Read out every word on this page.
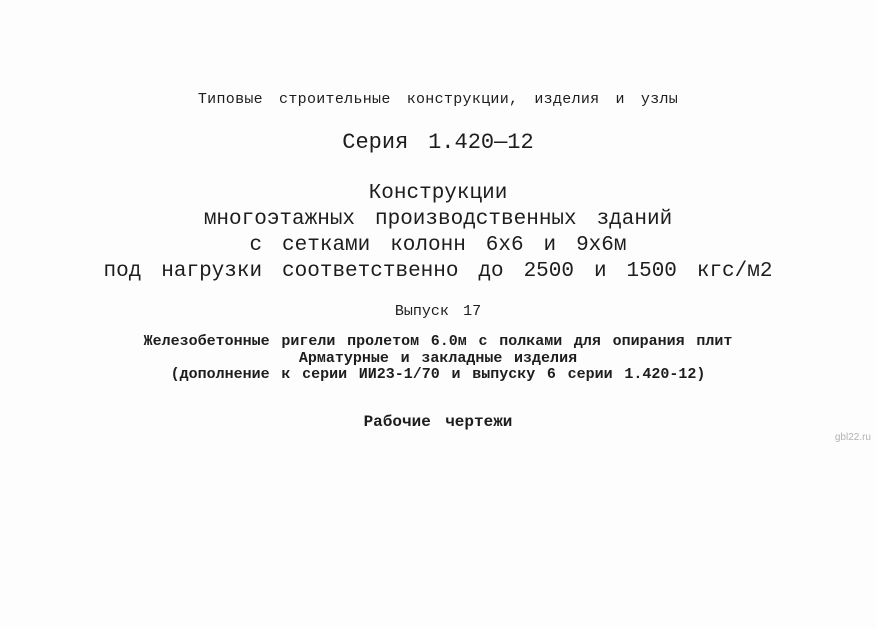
Типовые строительные конструкции, изделия и узлы
Серия 1.420—12
Конструкции
многоэтажных производственных зданий
с сетками колонн 6х6 и 9х6м
под нагрузки соответственно до 2500 и 1500 кгс/м2
Выпуск 17
Железобетонные ригели пролетом 6.0м с полками для опирания плит
Арматурные и закладные изделия
(дополнение к серии ИИ23-1/70 и выпуску 6 серии 1.420-12)
Рабочие чертежи
gbl22.ru
